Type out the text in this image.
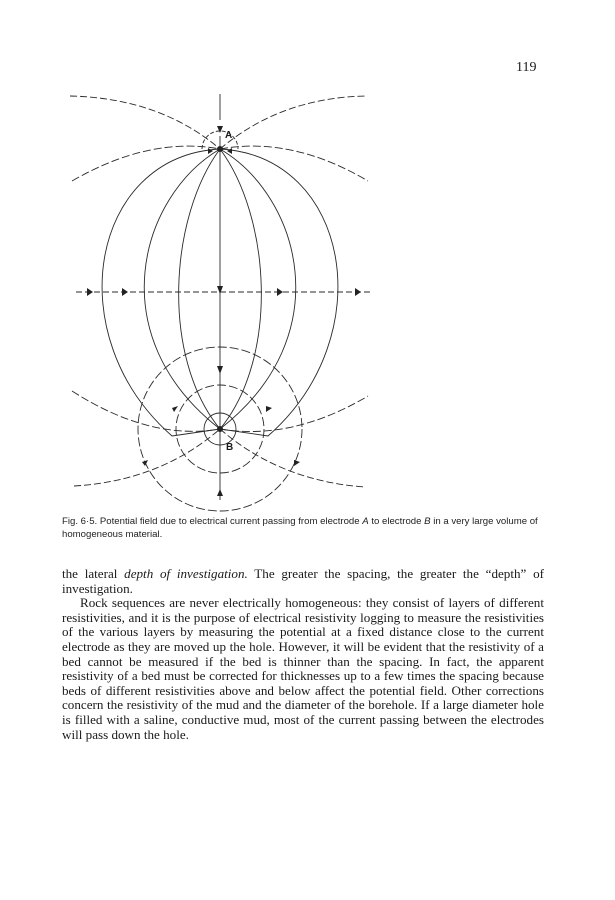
119
A
B
Fig. 6·5. Potential field due to electrical current passing from electrode A to electrode B in a very large volume of homogeneous material.

the lateral depth of investigation. The greater the spacing, the greater the “depth” of investigation.

Rock sequences are never electrically homogeneous: they consist of layers of different resistivities, and it is the purpose of electrical resistivity logging to measure the resistivities of the various layers by measuring the potential at a fixed distance close to the current electrode as they are moved up the hole. However, it will be evident that the resistivity of a bed cannot be measured if the bed is thinner than the spacing. In fact, the apparent resistivity of a bed must be corrected for thicknesses up to a few times the spacing because beds of different resistivities above and below affect the potential field. Other corrections concern the resistivity of the mud and the diameter of the borehole. If a large diameter hole is filled with a saline, conductive mud, most of the current passing between the electrodes will pass down the hole.
